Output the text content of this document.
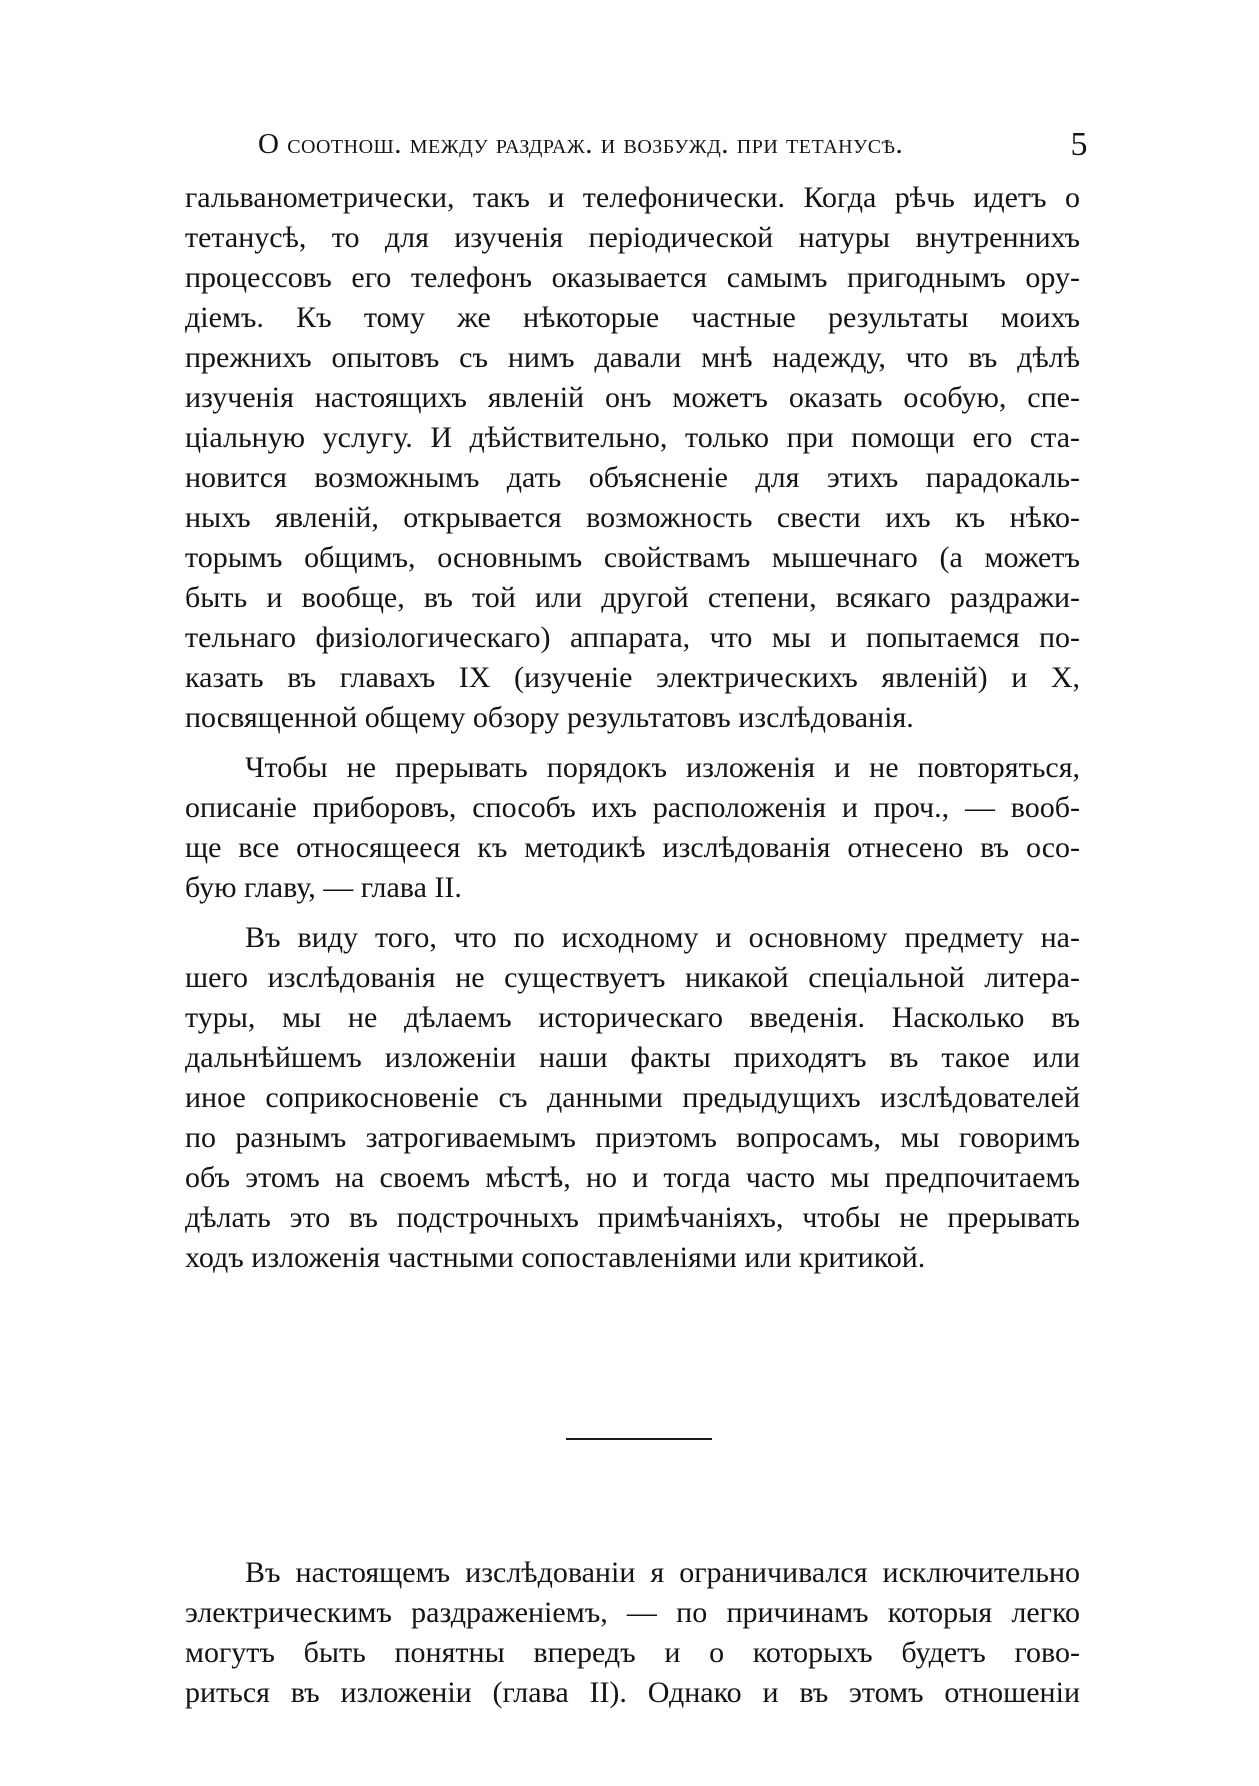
О соотнош. между раздраж. и возбужд. при тетанусѣ.	5
гальванометрически, такъ и телефонически. Когда рѣчь идетъ о
тетанусѣ, то для изученія періодической натуры внутреннихъ
процессовъ его телефонъ оказывается самымъ пригоднымъ ору-
діемъ. Къ тому же нѣкоторые частные результаты моихъ
прежнихъ опытовъ съ нимъ давали мнѣ надежду, что въ дѣлѣ
изученія настоящихъ явленій онъ можетъ оказать особую, спе-
ціальную услугу. И дѣйствительно, только при помощи его ста-
новится возможнымъ дать объясненіе для этихъ парадокаль-
ныхъ явленій, открывается возможность свести ихъ къ нѣко-
торымъ общимъ, основнымъ свойствамъ мышечнаго (а можетъ
быть и вообще, въ той или другой степени, всякаго раздражи-
тельнаго физіологическаго) аппарата, что мы и попытаемся по-
казать въ главахъ IX (изученіе электрическихъ явленій) и X,
посвященной общему обзору результатовъ изслѣдованія.
Чтобы не прерывать порядокъ изложенія и не повторяться,
описаніе приборовъ, способъ ихъ расположенія и проч., — вооб-
ще все относящееся къ методикѣ изслѣдованія отнесено въ осо-
бую главу, — глава II.
Въ виду того, что по исходному и основному предмету на-
шего изслѣдованія не существуетъ никакой спеціальной литера-
туры, мы не дѣлаемъ историческаго введенія. Насколько въ
дальнѣйшемъ изложеніи наши факты приходятъ въ такое или
иное соприкосновеніе съ данными предыдущихъ изслѣдователей
по разнымъ затрогиваемымъ приэтомъ вопросамъ, мы говоримъ
объ этомъ на своемъ мѣстѣ, но и тогда часто мы предпочитаемъ
дѣлать это въ подстрочныхъ примѣчаніяхъ, чтобы не прерывать
ходъ изложенія частными сопоставленіями или критикой.
Въ настоящемъ изслѣдованіи я ограничивался исключительно
электрическимъ раздраженіемъ, — по причинамъ которыя легко
могутъ быть понятны впередъ и о которыхъ будетъ гово-
риться въ изложеніи (глава II). Однако и въ этомъ отношеніи
